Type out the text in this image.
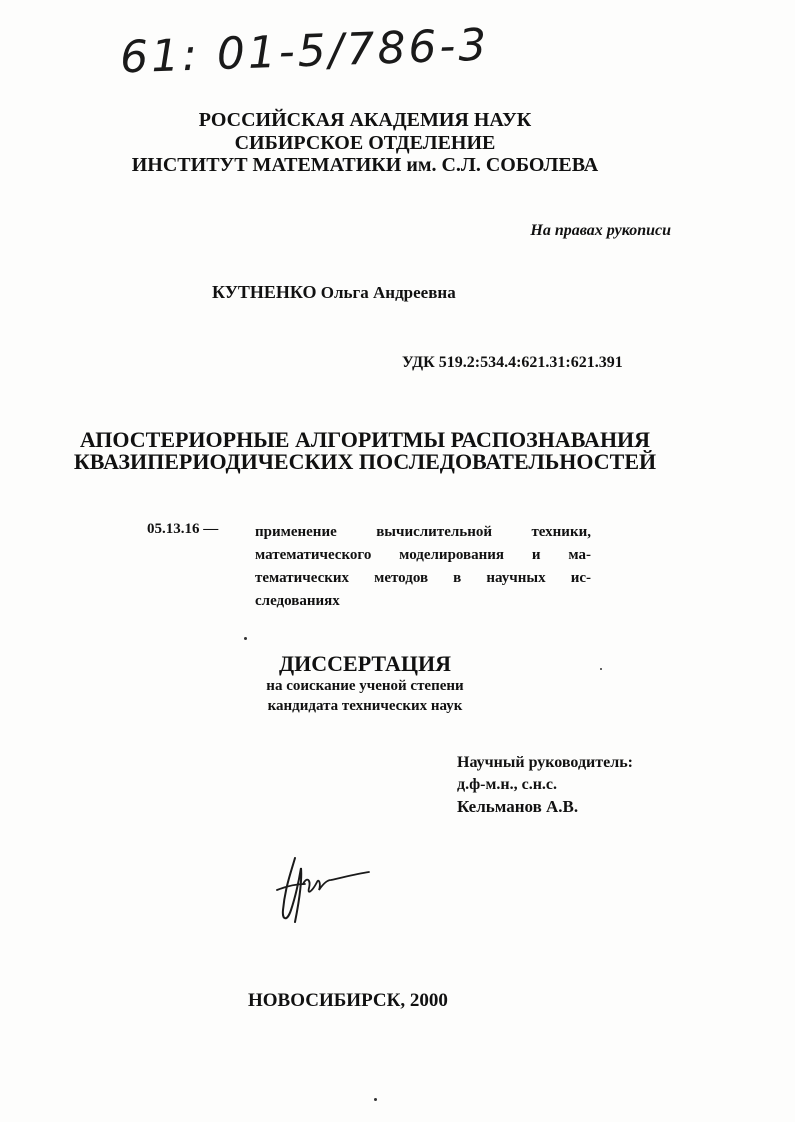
61: 01-5/786-3
РОССИЙСКАЯ АКАДЕМИЯ НАУК
СИБИРСКОЕ ОТДЕЛЕНИЕ
ИНСТИТУТ МАТЕМАТИКИ им. С.Л. СОБОЛЕВА
На правах рукописи
КУТНЕНКО Ольга Андреевна
УДК 519.2:534.4:621.31:621.391
АПОСТЕРИОРНЫЕ АЛГОРИТМЫ РАСПОЗНАВАНИЯ
КВАЗИПЕРИОДИЧЕСКИХ ПОСЛЕДОВАТЕЛЬНОСТЕЙ
05.13.16 — применение вычислительной техники,
математического моделирования и ма-
тематических методов в научных ис-
следованиях
ДИССЕРТАЦИЯ
на соискание ученой степени
кандидата технических наук
Научный руководитель:
д.ф-м.н., с.н.с.
Кельманов А.В.
НОВОСИБИРСК, 2000
